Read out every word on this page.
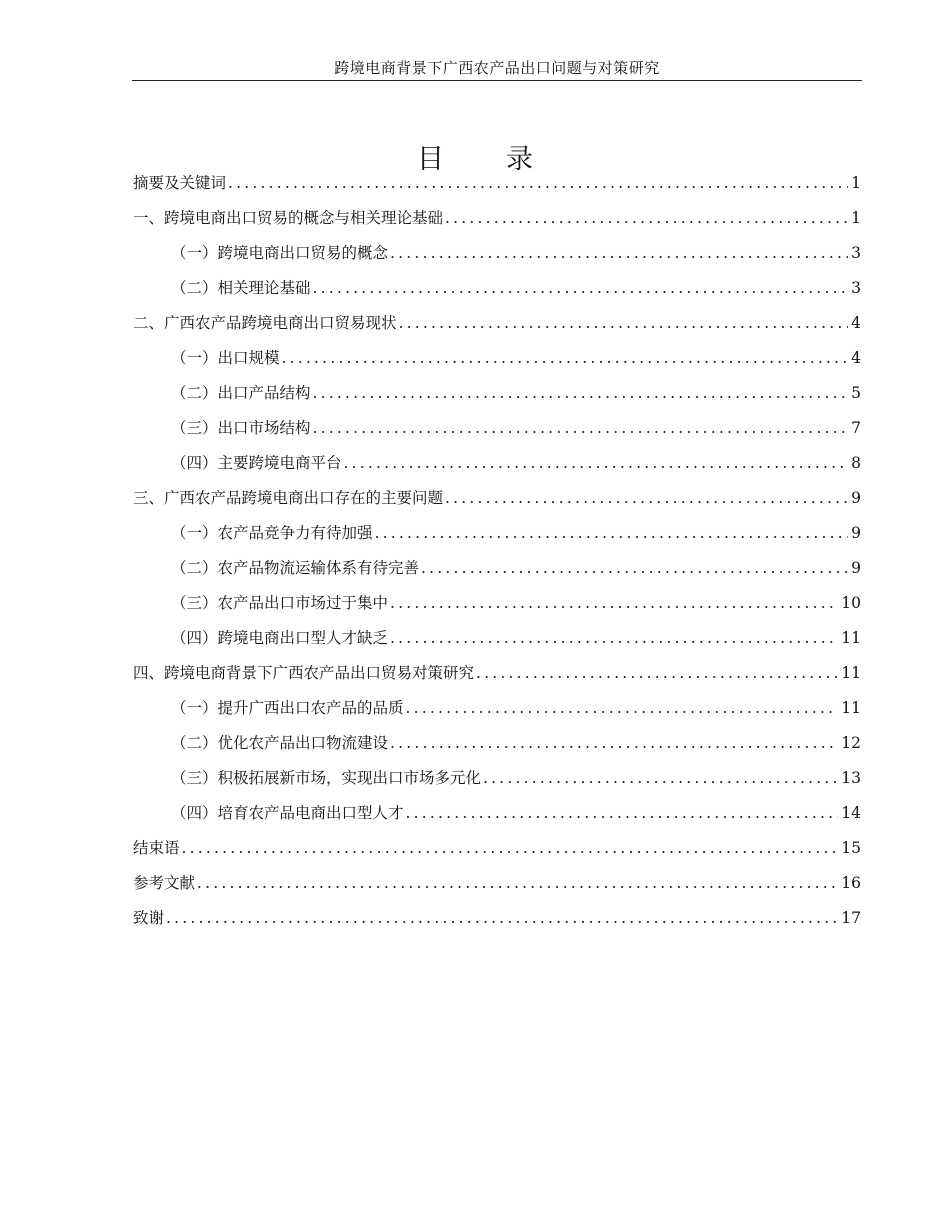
跨境电商背景下广西农产品出口问题与对策研究
目 录
摘要及关键词 .....	1
一、跨境电商出口贸易的概念与相关理论基础 .....	1
（一）跨境电商出口贸易的概念 .....	3
（二）相关理论基础 .....	3
二、广西农产品跨境电商出口贸易现状 .....	4
（一）出口规模 .....	4
（二）出口产品结构 .....	5
（三）出口市场结构 .....	7
（四）主要跨境电商平台 .....	8
三、广西农产品跨境电商出口存在的主要问题 .....	9
（一）农产品竞争力有待加强 .....	9
（二）农产品物流运输体系有待完善 .....	9
（三）农产品出口市场过于集中 .....	10
（四）跨境电商出口型人才缺乏 .....	11
四、跨境电商背景下广西农产品出口贸易对策研究 .....	11
（一）提升广西出口农产品的品质 .....	11
（二）优化农产品出口物流建设 .....	12
（三）积极拓展新市场，实现出口市场多元化 .....	13
（四）培育农产品电商出口型人才 .....	14
结束语 .....	15
参考文献 .....	16
致谢 .....	17
